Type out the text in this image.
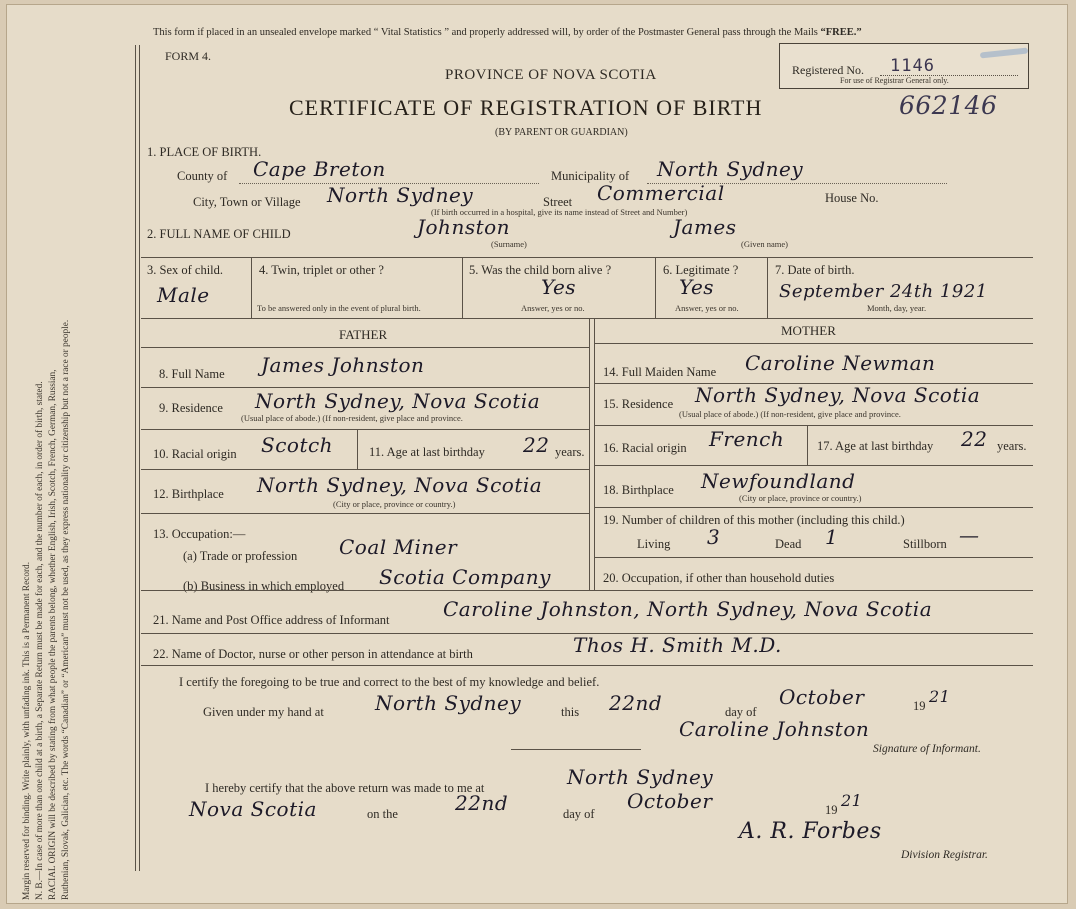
Margin reserved for binding. Write plainly, with unfading ink. This is a Permanent Record. N. B.—In case of more than one child at a birth, a Separate Return must be made for each, and the number of each, in order of birth, stated. RACIAL ORIGIN will be described by stating from what people the parents belong, whether English, Irish, Scotch, French, German, Russian, Ruthenian, Slovak, Galician, etc. The words “Canadian” or “American” must not be used, as they express nationality or citizenship but not a race or people.
This form if placed in an unsealed envelope marked “ Vital Statistics ” and properly addressed will, by order of the Postmaster General pass through the Mails “FREE.”
FORM 4.
PROVINCE OF NOVA SCOTIA
CERTIFICATE OF REGISTRATION OF BIRTH
(BY PARENT OR GUARDIAN)
662146
Registered No. 1146
For use of Registrar General only.
1. PLACE OF BIRTH.
County of Cape Breton	Municipality of North Sydney
City, Town or Village North Sydney	Street Commercial	House No.
(If birth occurred in a hospital, give its name instead of Street and Number)
2. FULL NAME OF CHILD	Johnston
(Surname)
James
(Given name)
3. Sex of child.
Male
4. Twin, triplet or other ?
To be answered only in the event of plural birth.
5. Was the child born alive ?
Yes
Answer, yes or no.
6. Legitimate ?
Yes
Answer, yes or no.
7. Date of birth.
September 24th 1921
Month, day, year.
FATHER	MOTHER
8. Full Name James Johnston
9. Residence North Sydney, Nova Scotia
(Usual place of abode.) (If non-resident, give place and province.
10. Racial origin Scotch	11. Age at last birthday 22 years.
12. Birthplace North Sydney, Nova Scotia
(City or place, province or country.)
13. Occupation:—
(a) Trade or profession Coal Miner
(b) Business in which employed Scotia Company
14. Full Maiden Name Caroline Newman
15. Residence North Sydney, Nova Scotia
(Usual place of abode.) (If non-resident, give place and province.
16. Racial origin French	17. Age at last birthday 22 years.
18. Birthplace Newfoundland
(City or place, province or country.)
19. Number of children of this mother (including this child.)
Living 3	Dead 1	Stillborn —
20. Occupation, if other than household duties
21. Name and Post Office address of Informant	Caroline Johnston, North Sydney, Nova Scotia
22. Name of Doctor, nurse or other person in attendance at birth	Thos H. Smith M.D.
I certify the foregoing to be true and correct to the best of my knowledge and belief.
Given under my hand at	North Sydney	this 22nd	day of
October	19 21
Caroline Johnston
Signature of Informant.
I hereby certify that the above return was made to me at	North Sydney
Nova Scotia	on the	22nd	day of
October	19 21
A. R. Forbes
Division Registrar.
